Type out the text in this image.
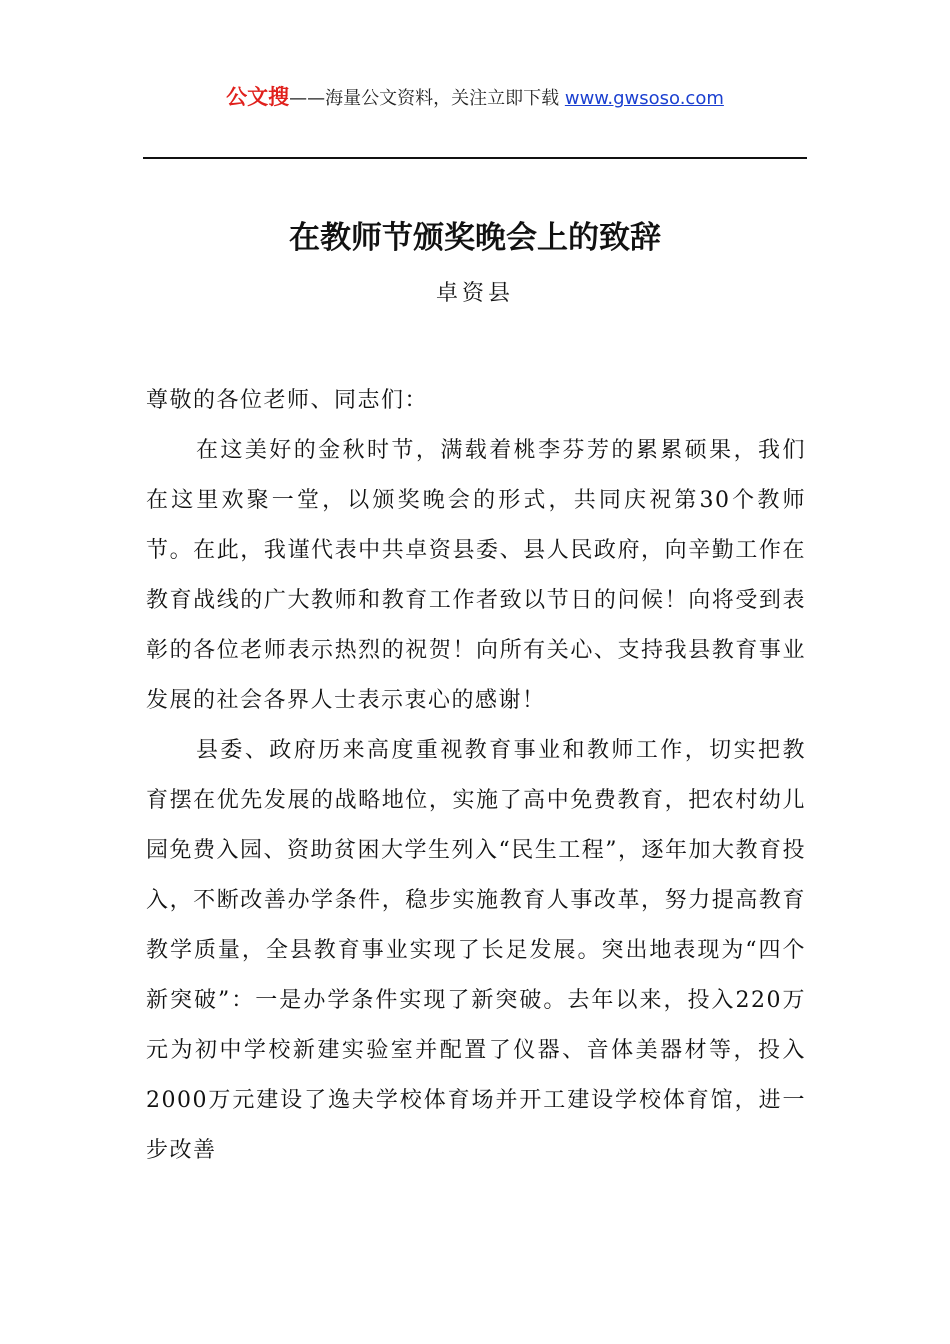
公文搜——海量公文资料，关注立即下载 www.gwsoso.com
在教师节颁奖晚会上的致辞
卓资县

尊敬的各位老师、同志们：

在这美好的金秋时节，满载着桃李芬芳的累累硕果，我们在这里欢聚一堂，以颁奖晚会的形式，共同庆祝第30个教师节。在此，我谨代表中共卓资县委、县人民政府，向辛勤工作在教育战线的广大教师和教育工作者致以节日的问候！向将受到表彰的各位老师表示热烈的祝贺！向所有关心、支持我县教育事业发展的社会各界人士表示衷心的感谢！

县委、政府历来高度重视教育事业和教师工作，切实把教育摆在优先发展的战略地位，实施了高中免费教育，把农村幼儿园免费入园、资助贫困大学生列入“民生工程”，逐年加大教育投入，不断改善办学条件，稳步实施教育人事改革，努力提高教育教学质量，全县教育事业实现了长足发展。突出地表现为“四个新突破”：一是办学条件实现了新突破。去年以来，投入220万元为初中学校新建实验室并配置了仪器、音体美器材等，投入2000万元建设了逸夫学校体育场并开工建设学校体育馆，进一步改善
